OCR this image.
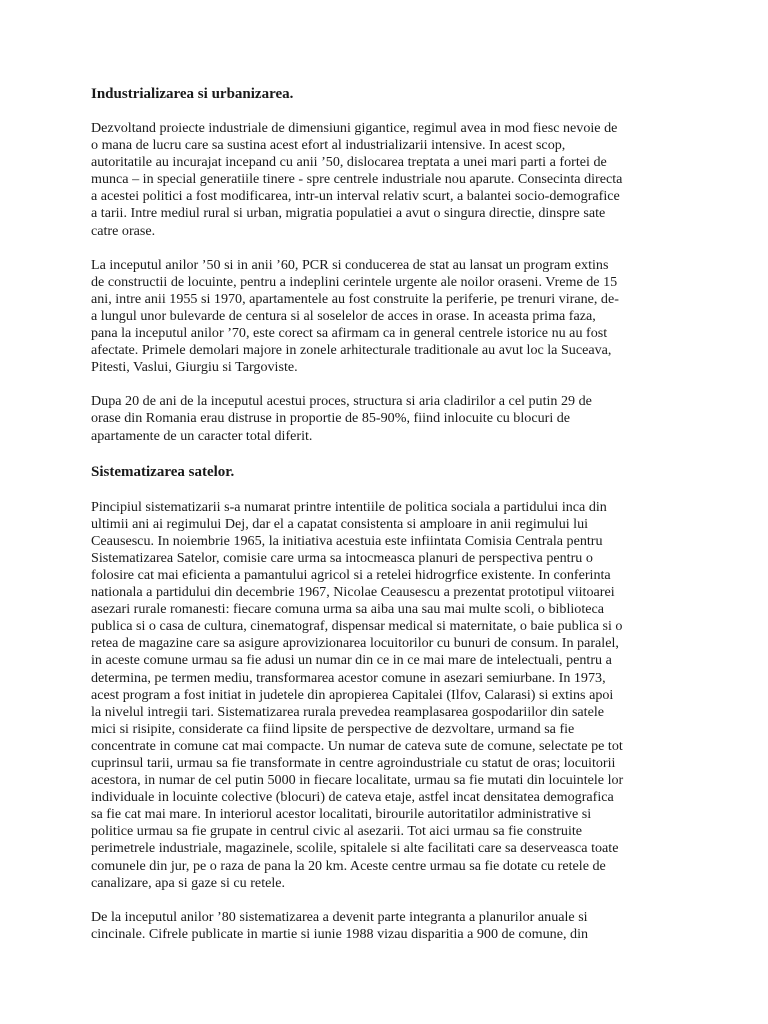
Industrializarea si urbanizarea.

Dezvoltand proiecte industriale de dimensiuni gigantice, regimul avea in mod fiesc nevoie de
o mana de lucru care sa sustina acest efort al industrializarii intensive. In acest scop,
autoritatile au incurajat incepand cu anii ’50, dislocarea treptata a unei mari parti a fortei de
munca – in special generatiile tinere - spre centrele industriale nou aparute. Consecinta directa
a acestei politici a fost modificarea, intr-un interval relativ scurt, a balantei socio-demografice
a tarii. Intre mediul rural si urban, migratia populatiei a avut o singura directie, dinspre sate
catre orase.

La inceputul anilor ’50 si in anii ’60, PCR si conducerea de stat au lansat un program extins
de constructii de locuinte, pentru a indeplini cerintele urgente ale noilor oraseni. Vreme de 15
ani, intre anii 1955 si 1970, apartamentele au fost construite la periferie, pe trenuri virane, de-
a lungul unor bulevarde de centura si al soselelor de acces in orase. In aceasta prima faza,
pana la inceputul anilor ’70, este corect sa afirmam ca in general centrele istorice nu au fost
afectate. Primele demolari majore in zonele arhitecturale traditionale au avut loc la Suceava,
Pitesti, Vaslui, Giurgiu si Targoviste.

Dupa 20 de ani de la inceputul acestui proces, structura si aria cladirilor a cel putin 29 de
orase din Romania erau distruse in proportie de 85-90%, fiind inlocuite cu blocuri de
apartamente de un caracter total diferit.

Sistematizarea satelor.

Pincipiul sistematizarii s-a numarat printre intentiile de politica sociala a partidului inca din
ultimii ani ai regimului Dej, dar el a capatat consistenta si amploare in anii regimului lui
Ceausescu. In noiembrie 1965, la initiativa acestuia este infiintata Comisia Centrala pentru
Sistematizarea Satelor, comisie care urma sa intocmeasca planuri de perspectiva pentru o
folosire cat mai eficienta a pamantului agricol si a retelei hidrogrfice existente. In conferinta
nationala a partidului din decembrie 1967, Nicolae Ceausescu a prezentat prototipul viitoarei
asezari rurale romanesti: fiecare comuna urma sa aiba una sau mai multe scoli, o biblioteca
publica si o casa de cultura, cinematograf, dispensar medical si maternitate, o baie publica si o
retea de magazine care sa asigure aprovizionarea locuitorilor cu bunuri de consum. In paralel,
in aceste comune urmau sa fie adusi un numar din ce in ce mai mare de intelectuali, pentru a
determina, pe termen mediu, transformarea acestor comune in asezari semiurbane. In 1973,
acest program a fost initiat in judetele din apropierea Capitalei (Ilfov, Calarasi) si extins apoi
la nivelul intregii tari. Sistematizarea rurala prevedea reamplasarea gospodariilor din satele
mici si risipite, considerate ca fiind lipsite de perspective de dezvoltare, urmand sa fie
concentrate in comune cat mai compacte. Un numar de cateva sute de comune, selectate pe tot
cuprinsul tarii, urmau sa fie transformate in centre agroindustriale cu statut de oras; locuitorii
acestora, in numar de cel putin 5000 in fiecare localitate, urmau sa fie mutati din locuintele lor
individuale in locuinte colective (blocuri) de cateva etaje, astfel incat densitatea demografica
sa fie cat mai mare. In interiorul acestor localitati, birourile autoritatilor administrative si
politice urmau sa fie grupate in centrul civic al asezarii. Tot aici urmau sa fie construite
perimetrele industriale, magazinele, scolile, spitalele si alte facilitati care sa deserveasca toate
comunele din jur, pe o raza de pana la 20 km. Aceste centre urmau sa fie dotate cu retele de
canalizare, apa si gaze si cu retele.

De la inceputul anilor ’80 sistematizarea a devenit parte integranta a planurilor anuale si
cincinale. Cifrele publicate in martie si iunie 1988 vizau disparitia a 900 de comune, din
